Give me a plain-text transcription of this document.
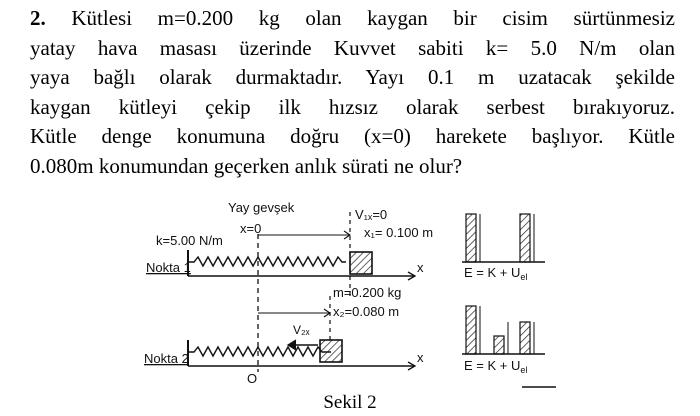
2. Kütlesi m=0.200 kg olan kaygan bir cisim sürtünmesiz
yatay hava masası üzerinde Kuvvet sabiti k= 5.0 N/m olan
yaya bağlı olarak durmaktadır. Yayı 0.1 m uzatacak şekilde
kaygan kütleyi çekip ilk hızsız olarak serbest bırakıyoruz.
Kütle denge konumuna doğru (x=0) harekete başlıyor. Kütle
0.080m konumundan geçerken anlık sürati ne olur?
Yay gevşek
k=5.00 N/m
x=0
V₁ₓ=0
x₁= 0.100 m
Nokta 1	x
m=0.200 kg
x₂=0.080 m
V₂ₓ
Nokta 2	x
O
$E = K + U_{el}$
$E = K + U_{el}$
Sekil 2
